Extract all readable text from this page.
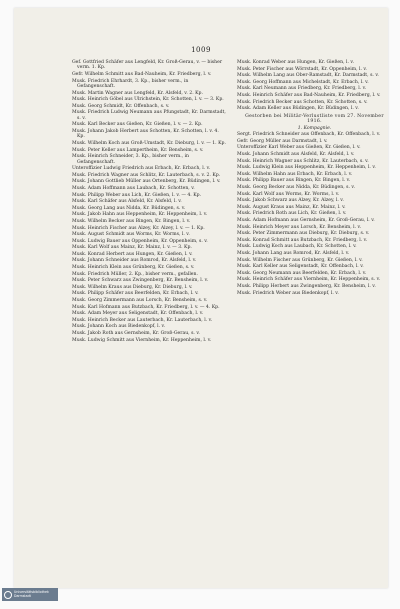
1009
Gef. Gottfried Schäfer aus Lengfeld, Kr. Groß-Gerau, v. — bisher verm. 1. Kp.
Gefr. Wilhelm Schmitt aus Bad-Nauheim, Kr. Friedberg, l. v.
Musk. Friedrich Ehrhardt, 3. Kp., bisher verm., in Gefangenschaft.
Musk. Martin Wagner aus Lengfeld, Kr. Alsfeld, v. 2. Kp.
Musk. Heinrich Göbel aus Ulrichstein, Kr. Schotten, l. v. — 3. Kp.
Musk. Georg Schmidt, Kr. Offenbach, s. v.
Musk. Friedrich Ludwig Neumann aus Pfungstadt, Kr. Darmstadt, s. v.
Musk. Karl Becker aus Gießen, Kr. Gießen, l. v. — 2. Kp.
Musk. Johann Jakob Herbert aus Schotten, Kr. Schotten, l. v. 4. Kp.
Musk. Wilhelm Koch aus Groß-Umstadt, Kr. Dieburg, l. v. — 1. Kp.
Musk. Peter Keller aus Lampertheim, Kr. Bensheim, s. v.
Musk. Heinrich Schneider, 3. Kp., bisher verm., in Gefangenschaft.
Unteroffizier Ludwig Friedrich aus Erbach, Kr. Erbach, l. v.
Musk. Friedrich Wagner aus Schlitz, Kr. Lauterbach, s. v. 2. Kp.
Musk. Johann Gottlieb Müller aus Ortenberg, Kr. Büdingen, l. v.
Musk. Adam Hoffmann aus Laubach, Kr. Schotten, v.
Musk. Philipp Weber aus Lich, Kr. Gießen, l. v. — 4. Kp.
Musk. Karl Schäfer aus Alsfeld, Kr. Alsfeld, l. v.
Musk. Georg Lang aus Nidda, Kr. Büdingen, s. v.
Musk. Jakob Hahn aus Heppenheim, Kr. Heppenheim, l. v.
Musk. Wilhelm Becker aus Bingen, Kr. Bingen, l. v.
Musk. Heinrich Fischer aus Alzey, Kr. Alzey, l. v. — 1. Kp.
Musk. August Schmidt aus Worms, Kr. Worms, l. v.
Musk. Ludwig Bauer aus Oppenheim, Kr. Oppenheim, s. v.
Musk. Karl Wolf aus Mainz, Kr. Mainz, l. v. — 3. Kp.
Musk. Konrad Herbert aus Hungen, Kr. Gießen, l. v.
Musk. Johann Schneider aus Romrod, Kr. Alsfeld, l. v.
Musk. Heinrich Klein aus Grünberg, Kr. Gießen, s. v.
Musk. Friedrich Müller, 2. Kp., bisher verm., gefallen.
Musk. Peter Schwarz aus Zwingenberg, Kr. Bensheim, l. v.
Musk. Wilhelm Kraus aus Dieburg, Kr. Dieburg, l. v.
Musk. Philipp Schäfer aus Beerfelden, Kr. Erbach, l. v.
Musk. Georg Zimmermann aus Lorsch, Kr. Bensheim, s. v.
Musk. Karl Hofmann aus Butzbach, Kr. Friedberg, l. v. — 4. Kp.
Musk. Adam Meyer aus Seligenstadt, Kr. Offenbach, l. v.
Musk. Heinrich Becker aus Lauterbach, Kr. Lauterbach, l. v.
Musk. Johann Koch aus Biedenkopf, l. v.
Musk. Jakob Roth aus Gernsheim, Kr. Groß-Gerau, s. v.
Musk. Ludwig Schmitt aus Viernheim, Kr. Heppenheim, l. v.
Musk. Konrad Weber aus Hungen, Kr. Gießen, l. v.
Musk. Peter Fischer aus Wörrstadt, Kr. Oppenheim, l. v.
Musk. Wilhelm Lang aus Ober-Ramstadt, Kr. Darmstadt, s. v.
Musk. Georg Hoffmann aus Michelstadt, Kr. Erbach, l. v.
Musk. Karl Neumann aus Friedberg, Kr. Friedberg, l. v.
Musk. Heinrich Schäfer aus Bad-Nauheim, Kr. Friedberg, l. v.
Musk. Friedrich Becker aus Schotten, Kr. Schotten, s. v.
Musk. Adam Keller aus Büdingen, Kr. Büdingen, l. v.
Gestorben bei Militär-Verlustliste vom 27. November 1916.
1. Kompagnie.
Sergt. Friedrich Schneider aus Offenbach, Kr. Offenbach, l. v.
Gefr. Georg Müller aus Darmstadt, l. v.
Unteroffizier Karl Weber aus Gießen, Kr. Gießen, l. v.
Musk. Johann Schmidt aus Alsfeld, Kr. Alsfeld, l. v.
Musk. Heinrich Wagner aus Schlitz, Kr. Lauterbach, s. v.
Musk. Ludwig Klein aus Heppenheim, Kr. Heppenheim, l. v.
Musk. Wilhelm Hahn aus Erbach, Kr. Erbach, l. v.
Musk. Philipp Bauer aus Bingen, Kr. Bingen, l. v.
Musk. Georg Becker aus Nidda, Kr. Büdingen, s. v.
Musk. Karl Wolf aus Worms, Kr. Worms, l. v.
Musk. Jakob Schwarz aus Alzey, Kr. Alzey, l. v.
Musk. August Kraus aus Mainz, Kr. Mainz, l. v.
Musk. Friedrich Roth aus Lich, Kr. Gießen, l. v.
Musk. Adam Hofmann aus Gernsheim, Kr. Groß-Gerau, l. v.
Musk. Heinrich Meyer aus Lorsch, Kr. Bensheim, l. v.
Musk. Peter Zimmermann aus Dieburg, Kr. Dieburg, s. v.
Musk. Konrad Schmitt aus Butzbach, Kr. Friedberg, l. v.
Musk. Ludwig Koch aus Laubach, Kr. Schotten, l. v.
Musk. Johann Lang aus Romrod, Kr. Alsfeld, l. v.
Musk. Wilhelm Fischer aus Grünberg, Kr. Gießen, l. v.
Musk. Karl Keller aus Seligenstadt, Kr. Offenbach, l. v.
Musk. Georg Neumann aus Beerfelden, Kr. Erbach, l. v.
Musk. Heinrich Schäfer aus Viernheim, Kr. Heppenheim, s. v.
Musk. Philipp Herbert aus Zwingenberg, Kr. Bensheim, l. v.
Musk. Friedrich Weber aus Biedenkopf, l. v.
Universitätsbibliothek
Darmstadt
